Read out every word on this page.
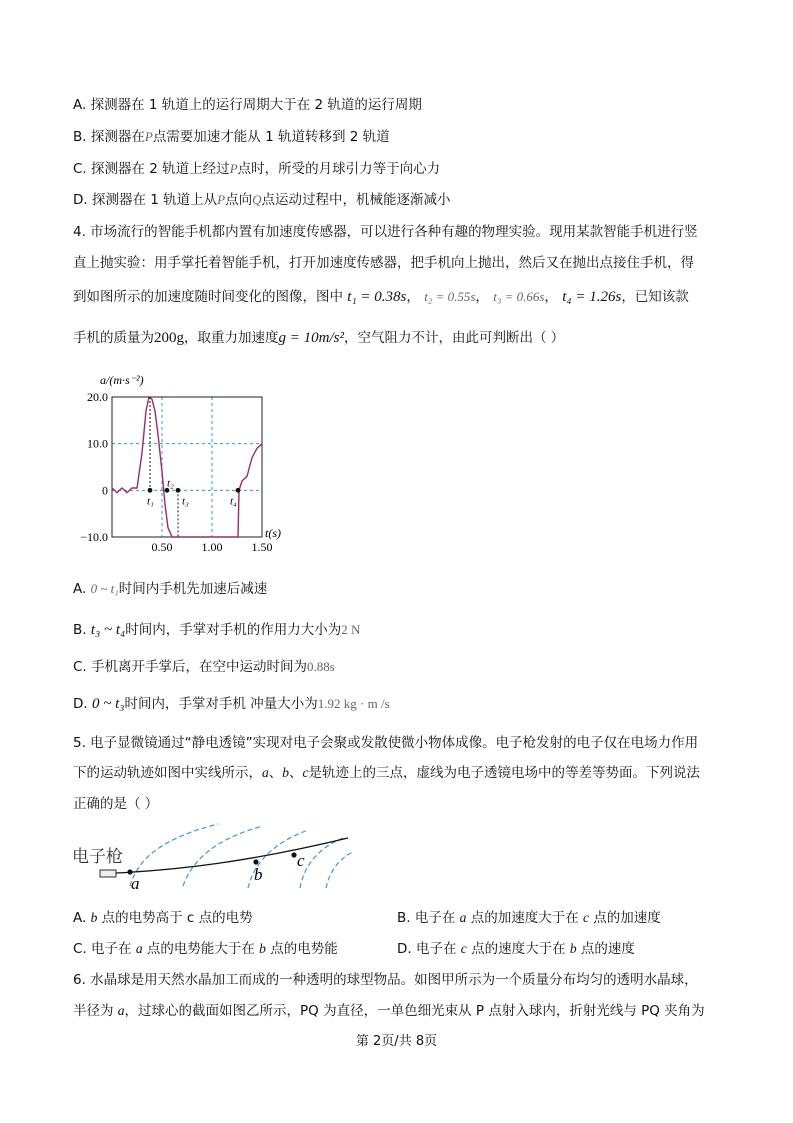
A. 探测器在 1 轨道上的运行周期大于在 2 轨道的运行周期
B. 探测器在P点需要加速才能从 1 轨道转移到 2 轨道
C. 探测器在 2 轨道上经过P点时，所受的月球引力等于向心力
D. 探测器在 1 轨道上从P点向Q点运动过程中，机械能逐渐减小
4. 市场流行的智能手机都内置有加速度传感器，可以进行各种有趣的物理实验。现用某款智能手机进行竖
直上抛实验：用手掌托着智能手机，打开加速度传感器，把手机向上抛出，然后又在抛出点接住手机，得
到如图所示的加速度随时间变化的图像，图中 t₁ = 0.38s， t₂ = 0.55s， t₃ = 0.66s， t₄ = 1.26s，已知该款
手机的质量为200g，取重力加速度g = 10m/s²，空气阻力不计，由此可判断出（ ）
a/(m·s⁻²)
20.0
10.0
0
−10.0
0.50 1.00 1.50
t(s)
t₁
t₂
t₃	t₄
A. 0 ~ t₁时间内手机先加速后减速
B. t₃ ~ t₄时间内，手掌对手机的作用力大小为2 N
C. 手机离开手掌后，在空中运动时间为0.88s
D. 0 ~ t₃时间内，手掌对手机 冲量大小为1.92 kg · m /s
5. 电子显微镜通过“静电透镜”实现对电子会聚或发散使微小物体成像。电子枪发射的电子仅在电场力作用
下的运动轨迹如图中实线所示，a、b、c是轨迹上的三点，虚线为电子透镜电场中的等差等势面。下列说法
正确的是（ ）
电子枪
a	b
c
A. b 点的电势高于 c 点的电势	B. 电子在 a 点的加速度大于在 c 点的加速度
C. 电子在 a 点的电势能大于在 b 点的电势能	D. 电子在 c 点的速度大于在 b 点的速度
6. 水晶球是用天然水晶加工而成的一种透明的球型物品。如图甲所示为一个质量分布均匀的透明水晶球，
半径为 a，过球心的截面如图乙所示，PQ 为直径，一单色细光束从 P 点射入球内，折射光线与 PQ 夹角为
第 2页/共 8页
